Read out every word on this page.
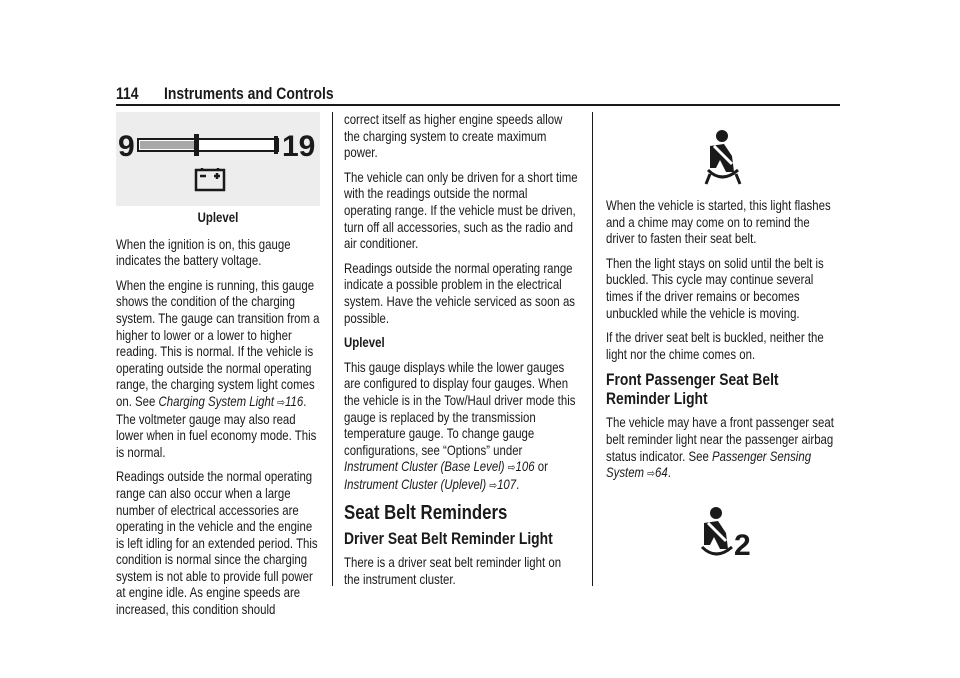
114 Instruments and Controls
9	19

Uplevel

When the ignition is on, this gauge indicates the battery voltage.

When the engine is running, this gauge shows the condition of the charging system. The gauge can transition from a higher to lower or a lower to higher reading. This is normal. If the vehicle is operating outside the normal operating range, the charging system light comes on. See Charging System Light ⇨116. The voltmeter gauge may also read lower when in fuel economy mode. This is normal.

Readings outside the normal operating range can also occur when a large number of electrical accessories are operating in the vehicle and the engine is left idling for an extended period. This condition is normal since the charging system is not able to provide full power at engine idle. As engine speeds are increased, this condition should

correct itself as higher engine speeds allow the charging system to create maximum power.

The vehicle can only be driven for a short time with the readings outside the normal operating range. If the vehicle must be driven, turn off all accessories, such as the radio and air conditioner.

Readings outside the normal operating range indicate a possible problem in the electrical system. Have the vehicle serviced as soon as possible.

Uplevel

This gauge displays while the lower gauges are configured to display four gauges. When the vehicle is in the Tow/Haul driver mode this gauge is replaced by the transmission temperature gauge. To change gauge configurations, see “Options” under Instrument Cluster (Base Level) ⇨106 or Instrument Cluster (Uplevel) ⇨107.

Seat Belt Reminders
Driver Seat Belt Reminder Light

There is a driver seat belt reminder light on the instrument cluster.

When the vehicle is started, this light flashes and a chime may come on to remind the driver to fasten their seat belt.

Then the light stays on solid until the belt is buckled. This cycle may continue several times if the driver remains or becomes unbuckled while the vehicle is moving.

If the driver seat belt is buckled, neither the light nor the chime comes on.

Front Passenger Seat Belt Reminder Light

The vehicle may have a front passenger seat belt reminder light near the passenger airbag status indicator. See Passenger Sensing System ⇨64.

2
